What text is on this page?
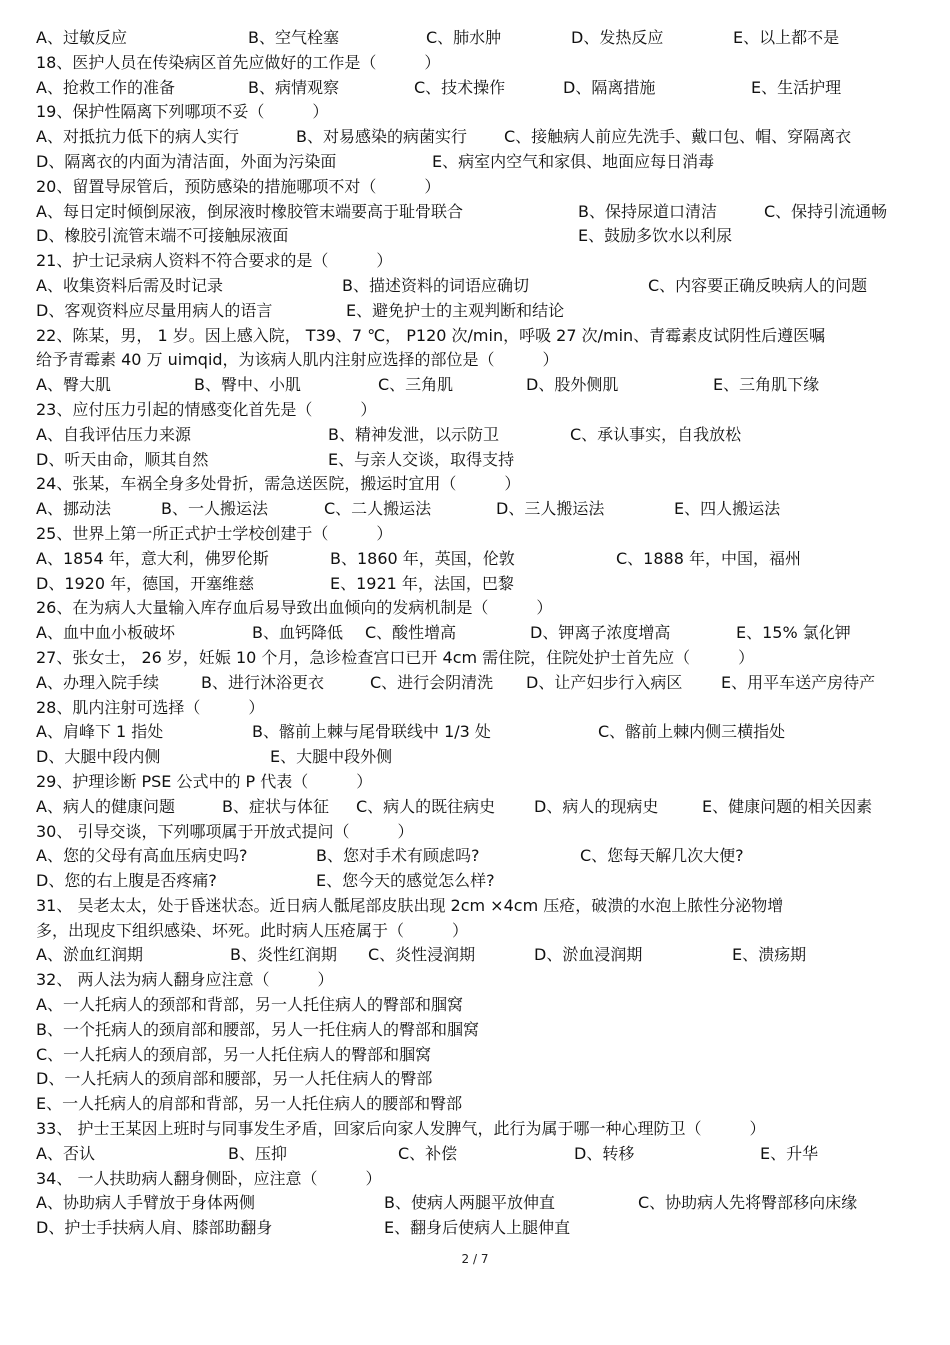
A、过敏反应	B、空气栓塞	C、肺水肿	D、发热反应	E、以上都不是
18、医护人员在传染病区首先应做好的工作是（　　　）
A、抢救工作的准备	B、病情观察	C、技术操作	D、隔离措施	E、生活护理
19、保护性隔离下列哪项不妥（　　　）
A、对抵抗力低下的病人实行	B、对易感染的病菌实行 C、接触病人前应先洗手、戴口包、帽、穿隔离衣
D、隔离衣的内面为清洁面，外面为污染面	E、病室内空气和家俱、地面应每日消毒
20、留置导尿管后，预防感染的措施哪项不对（　　　）
A、每日定时倾倒尿液，倒尿液时橡胶管末端要高于耻骨联合	B、保持尿道口清洁	C、保持引流通畅
D、橡胶引流管末端不可接触尿液面	E、鼓励多饮水以利尿
21、护士记录病人资料不符合要求的是（　　　）
A、收集资料后需及时记录	B、描述资料的词语应确切	C、内容要正确反映病人的问题
D、客观资料应尽量用病人的语言	E、避免护士的主观判断和结论
22、陈某，男， 1 岁。因上感入院， T39、7 ℃， P120 次/min，呼吸 27 次/min、青霉素皮试阴性后遵医嘱
给予青霉素 40 万 uimqid，为该病人肌内注射应选择的部位是（　　　）
A、臀大肌	B、臀中、小肌	C、三角肌	D、股外侧肌	E、三角肌下缘
23、应付压力引起的情感变化首先是（　　　）
A、自我评估压力来源	B、精神发泄，以示防卫	C、承认事实，自我放松
D、听天由命，顺其自然	E、与亲人交谈，取得支持
24、张某，车祸全身多处骨折，需急送医院，搬运时宜用（　　　）
A、挪动法	B、一人搬运法	C、二人搬运法	D、三人搬运法	E、四人搬运法
25、世界上第一所正式护士学校创建于（　　　）
A、1854 年，意大利，佛罗伦斯	B、1860 年，英国，伦敦	C、1888 年，中国，福州
D、1920 年，德国，开塞维慈	E、1921 年，法国，巴黎
26、在为病人大量输入库存血后易导致出血倾向的发病机制是（　　　）
A、血中血小板破坏	B、血钙降低 C、酸性增高	D、钾离子浓度增高	E、15% 氯化钾
27、张女士， 26 岁，妊娠 10 个月，急诊检查宫口已开 4cm 需住院，住院处护士首先应（　　　）
A、办理入院手续	B、进行沐浴更衣	C、进行会阴清洗 D、让产妇步行入病区 E、用平车送产房待产
28、肌内注射可选择（　　　）
A、肩峰下 1 指处	B、髂前上棘与尾骨联线中 1/3 处	C、髂前上棘内侧三横指处
D、大腿中段内侧	E、大腿中段外侧
29、护理诊断 PSE 公式中的 P 代表（　　　）
A、病人的健康问题	B、症状与体征 C、病人的既往病史 D、病人的现病史	E、健康问题的相关因素
30、 引导交谈，下列哪项属于开放式提问（　　　）
A、您的父母有高血压病史吗?	B、您对手术有顾虑吗?	C、您每天解几次大便?
D、您的右上腹是否疼痛?	E、您今天的感觉怎么样?
31、 吴老太太，处于昏迷状态。近日病人骶尾部皮肤出现 2cm ×4cm 压疮，破溃的水泡上脓性分泌物增
多，出现皮下组织感染、坏死。此时病人压疮属于（　　　）
A、淤血红润期	B、炎性红润期 C、炎性浸润期	D、淤血浸润期	E、溃疡期
32、 两人法为病人翻身应注意（　　　）
A、一人托病人的颈部和背部，另一人托住病人的臀部和腘窝
B、一个托病人的颈肩部和腰部，另人一托住病人的臀部和腘窝
C、一人托病人的颈肩部，另一人托住病人的臀部和腘窝
D、一人托病人的颈肩部和腰部，另一人托住病人的臀部
E、一人托病人的肩部和背部，另一人托住病人的腰部和臀部
33、 护士王某因上班时与同事发生矛盾，回家后向家人发脾气，此行为属于哪一种心理防卫（　　　）
A、否认	B、压抑	C、补偿	D、转移	E、升华
34、 一人扶助病人翻身侧卧，应注意（　　　）
A、协助病人手臂放于身体两侧	B、使病人两腿平放伸直	C、协助病人先将臀部移向床缘
D、护士手扶病人肩、膝部助翻身	E、翻身后使病人上腿伸直
2 / 7
